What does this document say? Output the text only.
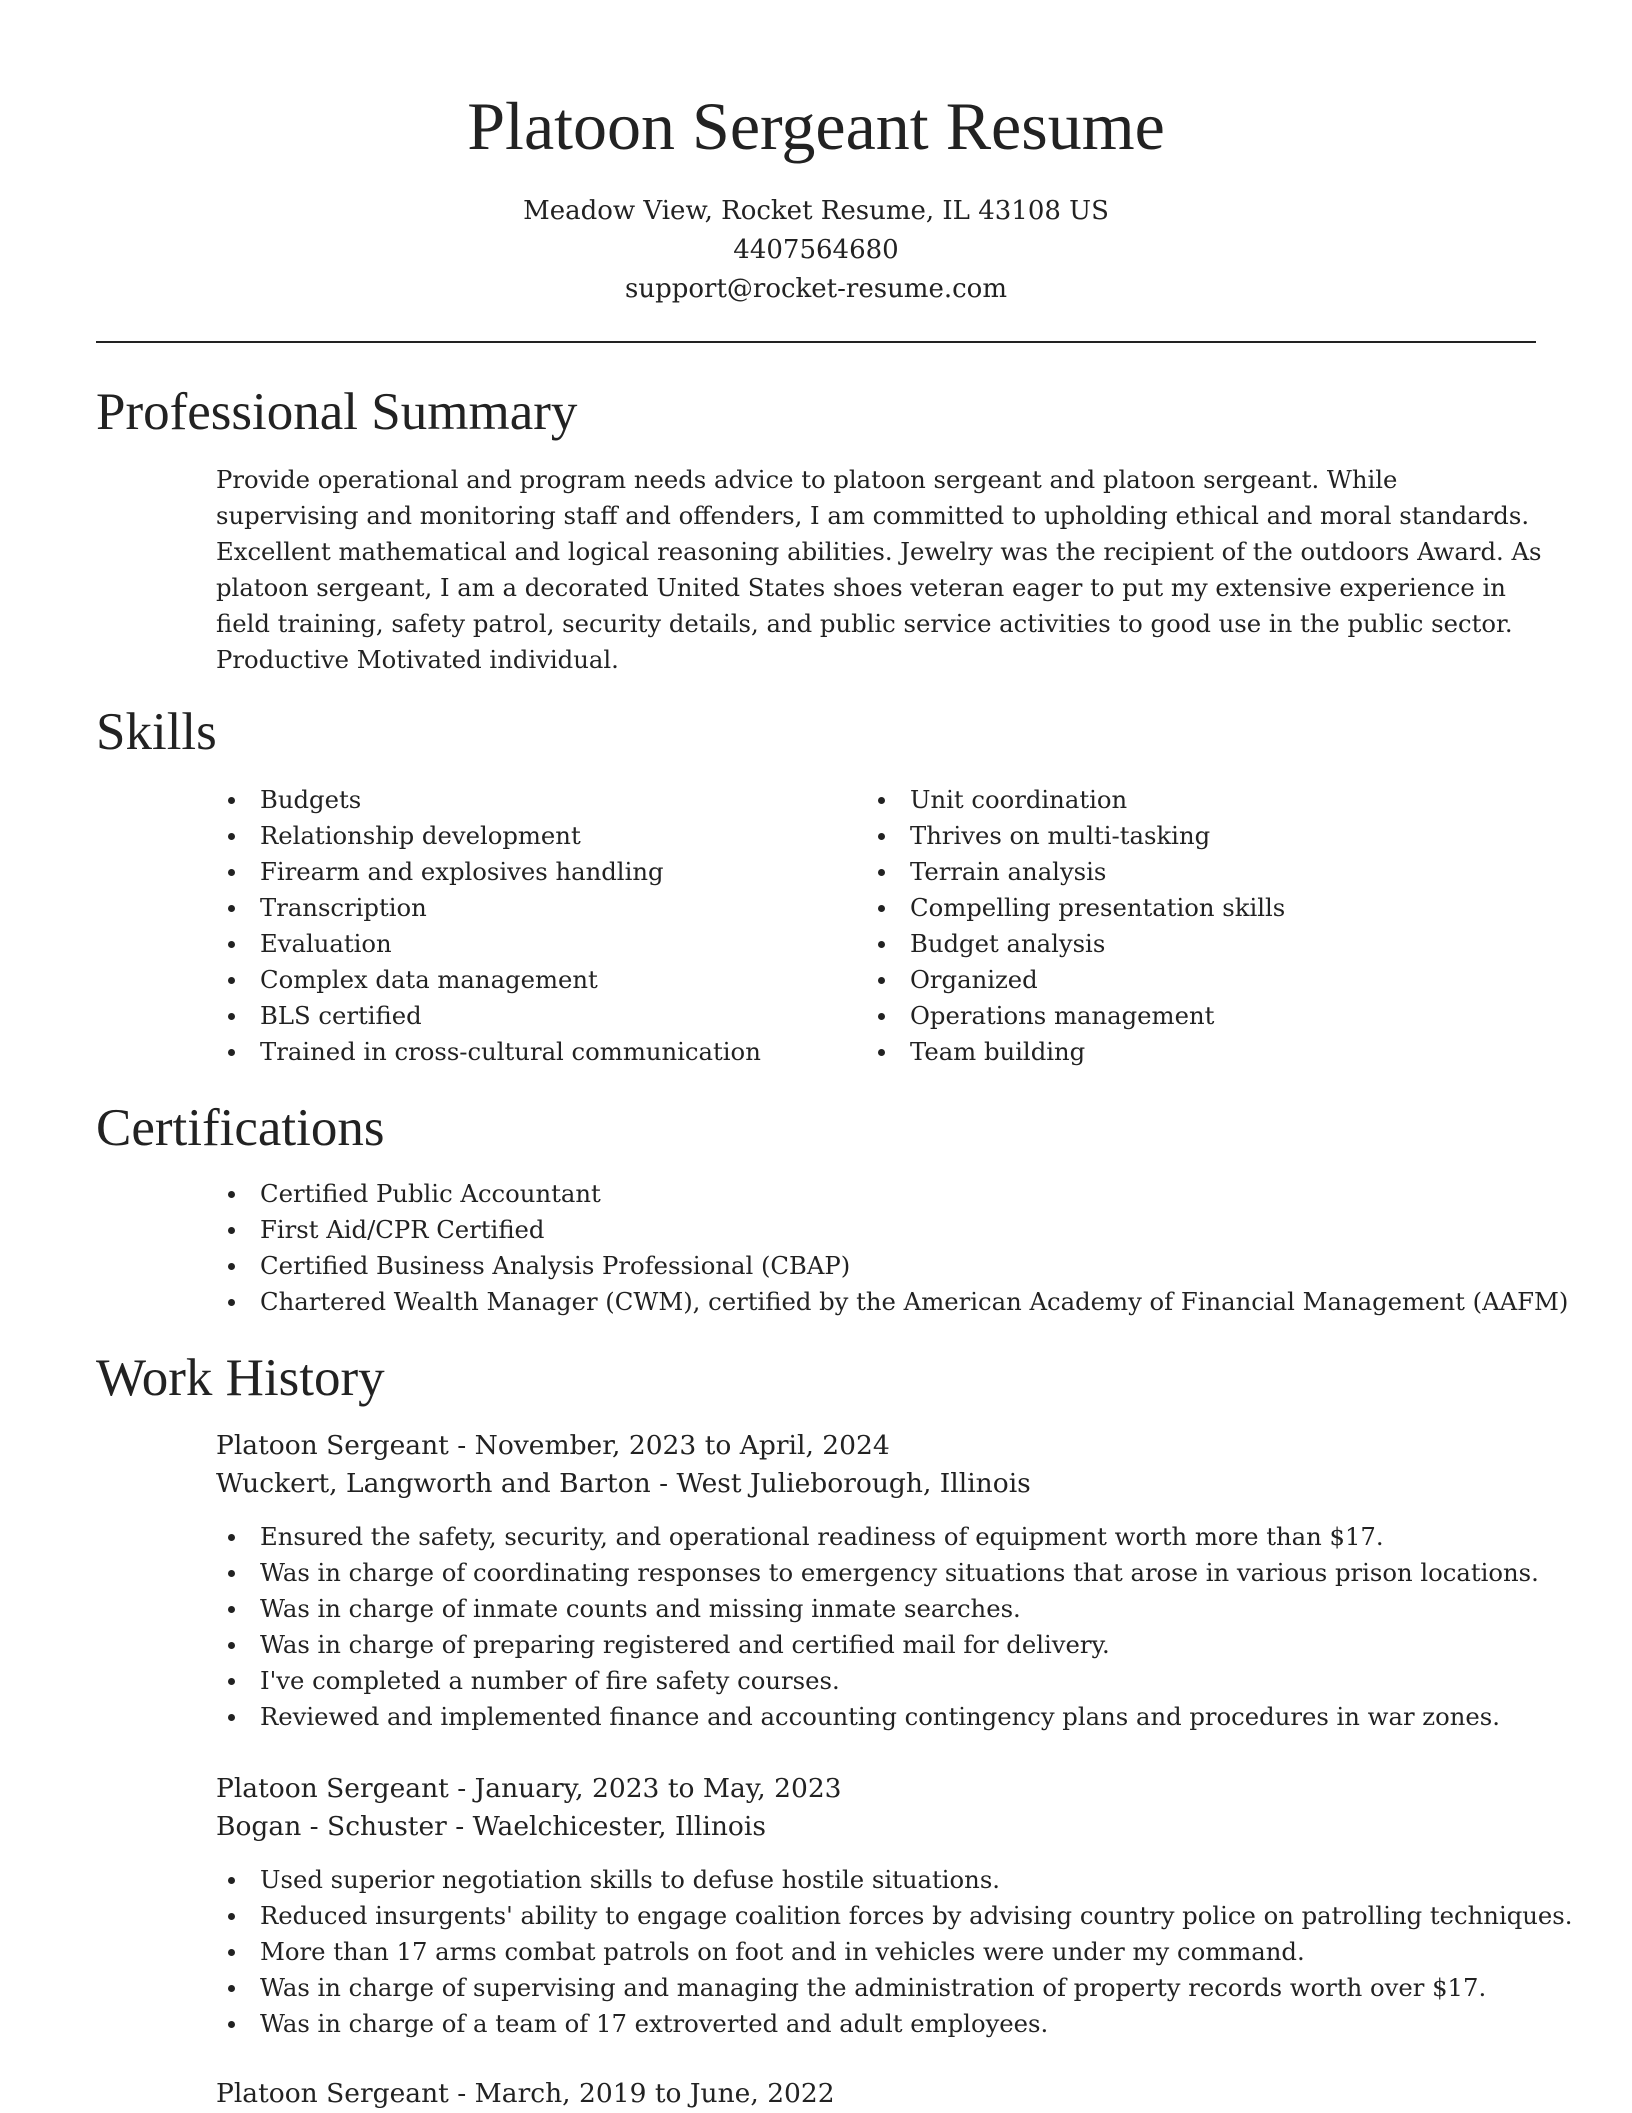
Platoon Sergeant Resume
Meadow View, Rocket Resume, IL 43108 US
4407564680
support@rocket-resume.com
Professional Summary

Provide operational and program needs advice to platoon sergeant and platoon sergeant. While supervising and monitoring staff and offenders, I am committed to upholding ethical and moral standards. Excellent mathematical and logical reasoning abilities. Jewelry was the recipient of the outdoors Award. As platoon sergeant, I am a decorated United States shoes veteran eager to put my extensive experience in field training, safety patrol, security details, and public service activities to good use in the public sector. Productive Motivated individual.

Skills
Budgets
Relationship development
Firearm and explosives handling
Transcription
Evaluation
Complex data management
BLS certified
Trained in cross-cultural communication
Unit coordination
Thrives on multi-tasking
Terrain analysis
Compelling presentation skills
Budget analysis
Organized
Operations management
Team building
Certifications
Certified Public Accountant
First Aid/CPR Certified
Certified Business Analysis Professional (CBAP)
Chartered Wealth Manager (CWM), certified by the American Academy of Financial Management (AAFM)
Work History
Platoon Sergeant - November, 2023 to April, 2024
Wuckert, Langworth and Barton - West Julieborough, Illinois
Ensured the safety, security, and operational readiness of equipment worth more than $17.
Was in charge of coordinating responses to emergency situations that arose in various prison locations.
Was in charge of inmate counts and missing inmate searches.
Was in charge of preparing registered and certified mail for delivery.
I've completed a number of fire safety courses.
Reviewed and implemented finance and accounting contingency plans and procedures in war zones.
Platoon Sergeant - January, 2023 to May, 2023
Bogan - Schuster - Waelchicester, Illinois
Used superior negotiation skills to defuse hostile situations.
Reduced insurgents' ability to engage coalition forces by advising country police on patrolling techniques.
More than 17 arms combat patrols on foot and in vehicles were under my command.
Was in charge of supervising and managing the administration of property records worth over $17.
Was in charge of a team of 17 extroverted and adult employees.
Platoon Sergeant - March, 2019 to June, 2022
